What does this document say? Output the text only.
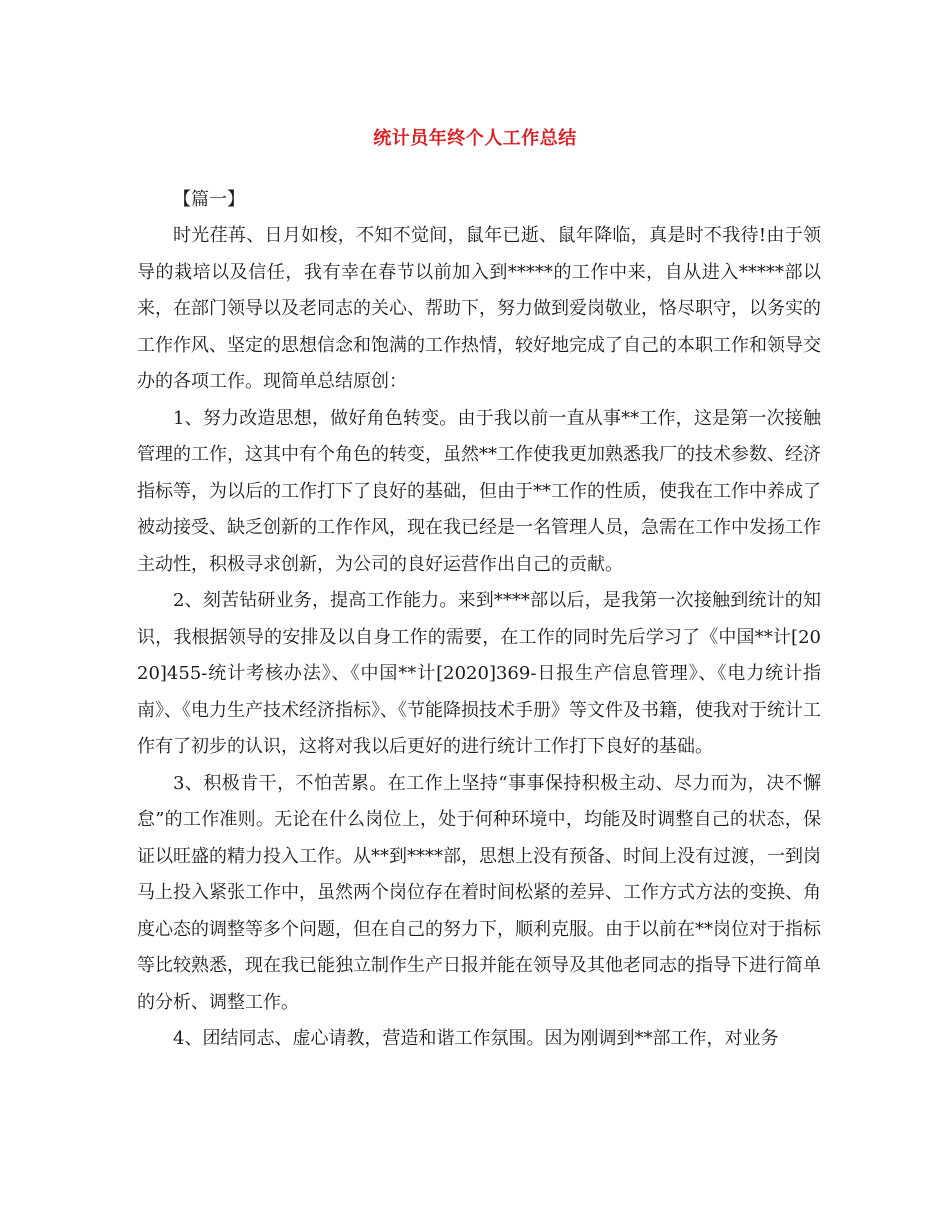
统计员年终个人工作总结
【篇一】

时光荏苒、日月如梭，不知不觉间，鼠年已逝、鼠年降临，真是时不我待!由于领导的栽培以及信任，我有幸在春节以前加入到*****的工作中来，自从进入*****部以来，在部门领导以及老同志的关心、帮助下，努力做到爱岗敬业，恪尽职守，以务实的工作作风、坚定的思想信念和饱满的工作热情，较好地完成了自己的本职工作和领导交办的各项工作。现简单总结原创：

1、努力改造思想，做好角色转变。由于我以前一直从事**工作，这是第一次接触管理的工作，这其中有个角色的转变，虽然**工作使我更加熟悉我厂的技术参数、经济指标等，为以后的工作打下了良好的基础，但由于**工作的性质，使我在工作中养成了被动接受、缺乏创新的工作作风，现在我已经是一名管理人员，急需在工作中发扬工作主动性，积极寻求创新，为公司的良好运营作出自己的贡献。

2、刻苦钻研业务，提高工作能力。来到****部以后，是我第一次接触到统计的知识，我根据领导的安排及以自身工作的需要，在工作的同时先后学习了《中国**计[2020]455-统计考核办法》、《中国**计[2020]369-日报生产信息管理》、《电力统计指南》、《电力生产技术经济指标》、《节能降损技术手册》等文件及书籍，使我对于统计工作有了初步的认识，这将对我以后更好的进行统计工作打下良好的基础。

3、积极肯干，不怕苦累。在工作上坚持“事事保持积极主动、尽力而为，决不懈怠”的工作准则。无论在什么岗位上，处于何种环境中，均能及时调整自己的状态，保证以旺盛的精力投入工作。从**到****部，思想上没有预备、时间上没有过渡，一到岗马上投入紧张工作中，虽然两个岗位存在着时间松紧的差异、工作方式方法的变换、角度心态的调整等多个问题，但在自己的努力下，顺利克服。由于以前在**岗位对于指标等比较熟悉，现在我已能独立制作生产日报并能在领导及其他老同志的指导下进行简单的分析、调整工作。

4、团结同志、虚心请教，营造和谐工作氛围。因为刚调到**部工作，对业务
